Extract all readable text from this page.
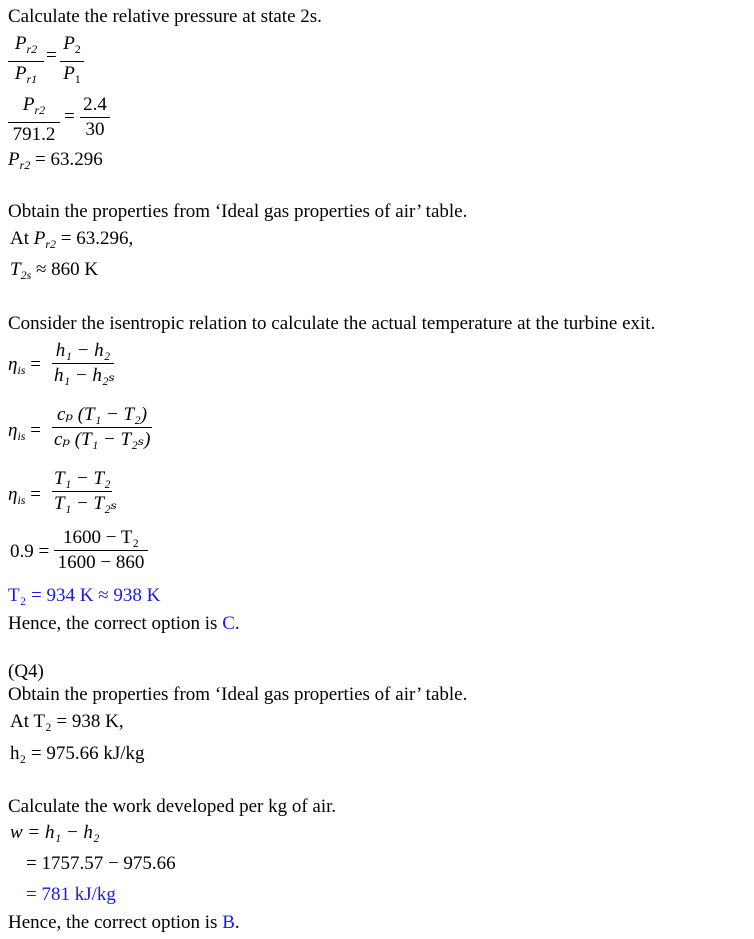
Calculate the relative pressure at state 2s.
$P_{r2}$
$P_{r1}$
=
$P_2$
$P_1$
$P_{r2}$
791.2
=
2.4
30
$P_{r2} = 63.296$
Obtain the properties from ‘Ideal gas properties of air’ table.
At $P_{r2} = 63.296$,
$T_{2s} \approx 860$ K
Consider the isentropic relation to calculate the actual temperature at the turbine exit.
$\eta_{is}$ =
h₁ − h₂
h₁ − h₂ₛ
$\eta_{is}$ =
cₚ (T₁ − T₂)
cₚ (T₁ − T₂ₛ)
$\eta_{is}$ =
T₁ − T₂
T₁ − T₂ₛ
0.9 =
1600 − T₂
1600 − 860
T₂ = 934 K ≈ 938 K
Hence, the correct option is C.
(Q4)
Obtain the properties from ‘Ideal gas properties of air’ table.
At T₂ = 938 K,
h₂ = 975.66 kJ/kg
Calculate the work developed per kg of air.
w = h₁ − h₂
= 1757.57 − 975.66
= 781 kJ/kg
Hence, the correct option is B.
